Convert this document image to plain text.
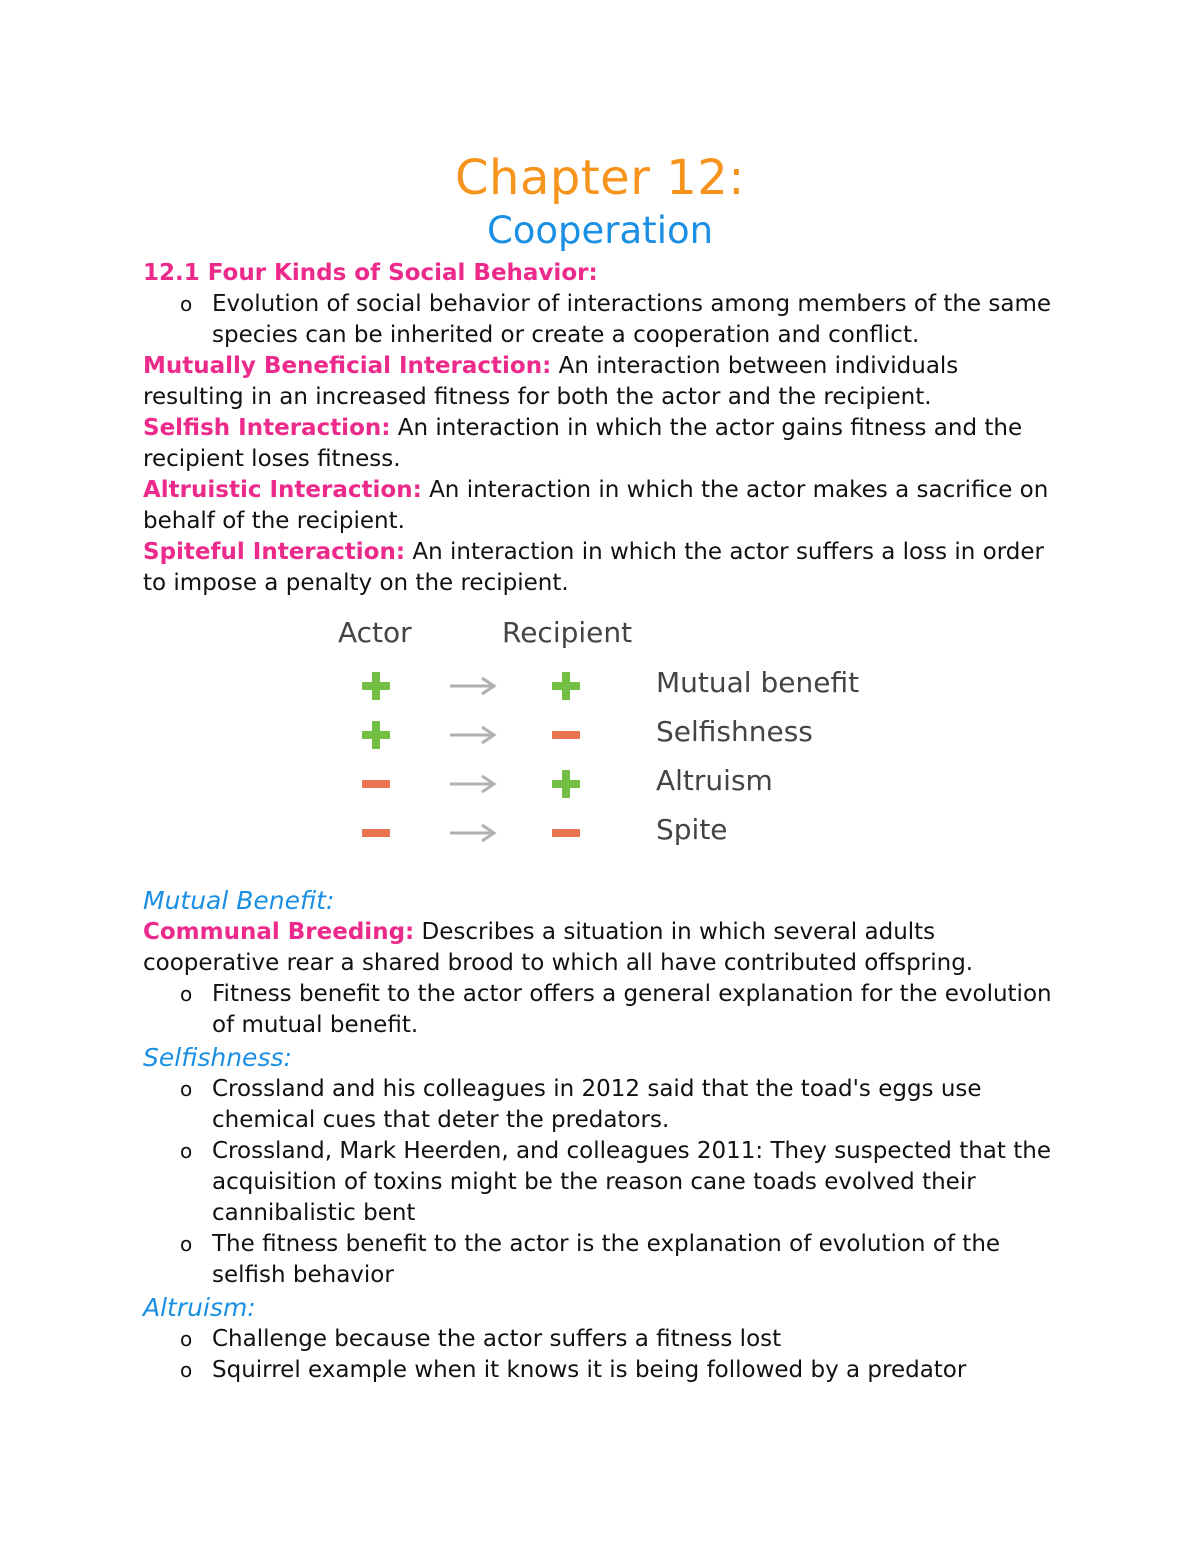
Chapter 12:
Cooperation

12.1 Four Kinds of Social Behavior:

o Evolution of social behavior of interactions among members of the same species can be inherited or create a cooperation and conflict.

Mutually Beneficial Interaction: An interaction between individuals resulting in an increased fitness for both the actor and the recipient.

Selfish Interaction: An interaction in which the actor gains fitness and the recipient loses fitness.

Altruistic Interaction: An interaction in which the actor makes a sacrifice on behalf of the recipient.

Spiteful Interaction: An interaction in which the actor suffers a loss in order to impose a penalty on the recipient.

Actor	Recipient
Mutual benefit
Selfishness
Altruism
Spite

Mutual Benefit:

Communal Breeding: Describes a situation in which several adults cooperative rear a shared brood to which all have contributed offspring.

o Fitness benefit to the actor offers a general explanation for the evolution of mutual benefit.

Selfishness:

o Crossland and his colleagues in 2012 said that the toad's eggs use chemical cues that deter the predators.

o Crossland, Mark Heerden, and colleagues 2011: They suspected that the acquisition of toxins might be the reason cane toads evolved their cannibalistic bent

o The fitness benefit to the actor is the explanation of evolution of the selfish behavior

Altruism:

o Challenge because the actor suffers a fitness lost

o Squirrel example when it knows it is being followed by a predator
